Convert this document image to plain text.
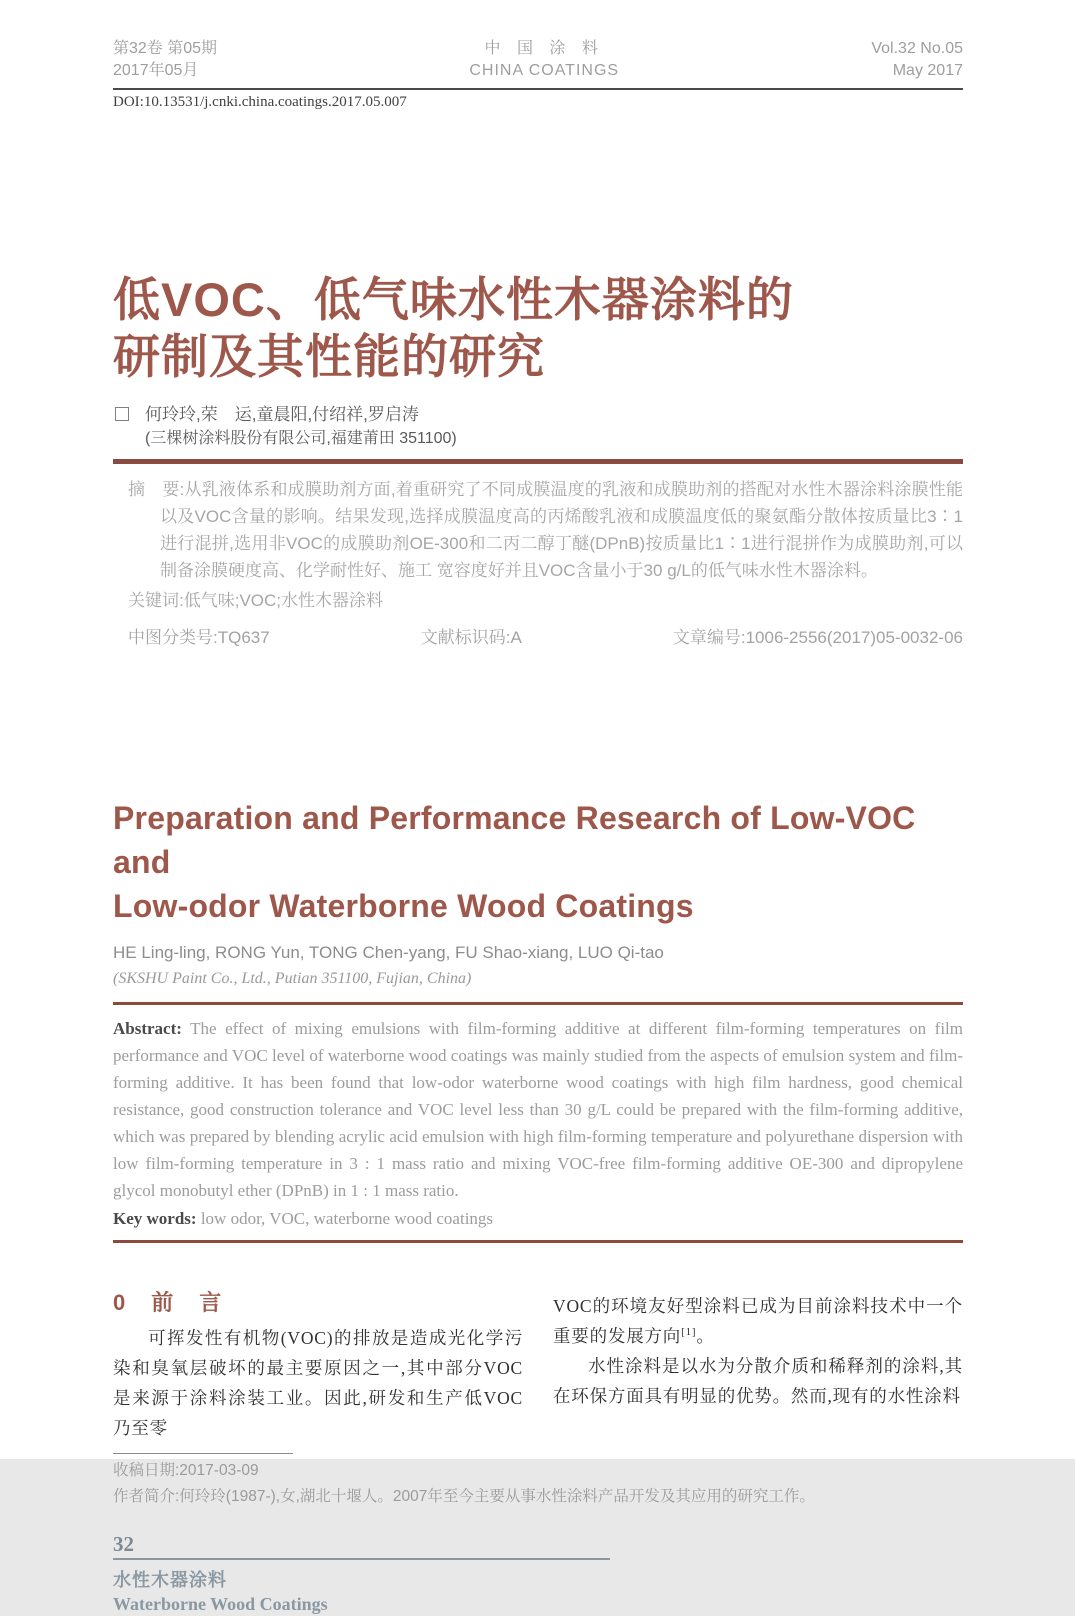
第32卷 第05期
2017年05月
中 国 涂 料
CHINA COATINGS
Vol.32 No.05
May 2017
DOI:10.13531/j.cnki.china.coatings.2017.05.007
低VOC、低气味水性木器涂料的
研制及其性能的研究
何玲玲,荣　运,童晨阳,付绍祥,罗启涛
(三棵树涂料股份有限公司,福建莆田 351100)
摘　要:从乳液体系和成膜助剂方面,着重研究了不同成膜温度的乳液和成膜助剂的搭配对水性木器涂料涂膜性能以及VOC含量的影响。结果发现,选择成膜温度高的丙烯酸乳液和成膜温度低的聚氨酯分散体按质量比3∶1进行混拼,选用非VOC的成膜助剂OE-300和二丙二醇丁醚(DPnB)按质量比1∶1进行混拼作为成膜助剂,可以制备涂膜硬度高、化学耐性好、施工 宽容度好并且VOC含量小于30 g/L的低气味水性木器涂料。
关键词:低气味;VOC;水性木器涂料
中图分类号:TQ637	文献标识码:A	文章编号:1006-2556(2017)05-0032-06
Preparation and Performance Research of Low-VOC and
Low-odor Waterborne Wood Coatings
HE Ling-ling, RONG Yun, TONG Chen-yang, FU Shao-xiang, LUO Qi-tao
(SKSHU Paint Co., Ltd., Putian 351100, Fujian, China)
Abstract: The effect of mixing emulsions with film-forming additive at different film-forming temperatures on film performance and VOC level of waterborne wood coatings was mainly studied from the aspects of emulsion system and film-forming additive. It has been found that low-odor waterborne wood coatings with high film hardness, good chemical resistance, good construction tolerance and VOC level less than 30 g/L could be prepared with the film-forming additive, which was prepared by blending acrylic acid emulsion with high film-forming temperature and polyurethane dispersion with low film-forming temperature in 3 : 1 mass ratio and mixing VOC-free film-forming additive OE-300 and dipropylene glycol monobutyl ether (DPnB) in 1 : 1 mass ratio.
Key words: low odor, VOC, waterborne wood coatings
0 前　言

可挥发性有机物(VOC)的排放是造成光化学污染和臭氧层破坏的最主要原因之一,其中部分VOC是来源于涂料涂装工业。因此,研发和生产低VOC乃至零

VOC的环境友好型涂料已成为目前涂料技术中一个重要的发展方向[1]。

水性涂料是以水为分散介质和稀释剂的涂料,其在环保方面具有明显的优势。然而,现有的水性涂料

收稿日期:2017-03-09
作者简介:何玲玲(1987-),女,湖北十堰人。2007年至今主要从事水性涂料产品开发及其应用的研究工作。
32
水性木器涂料
Waterborne Wood Coatings
